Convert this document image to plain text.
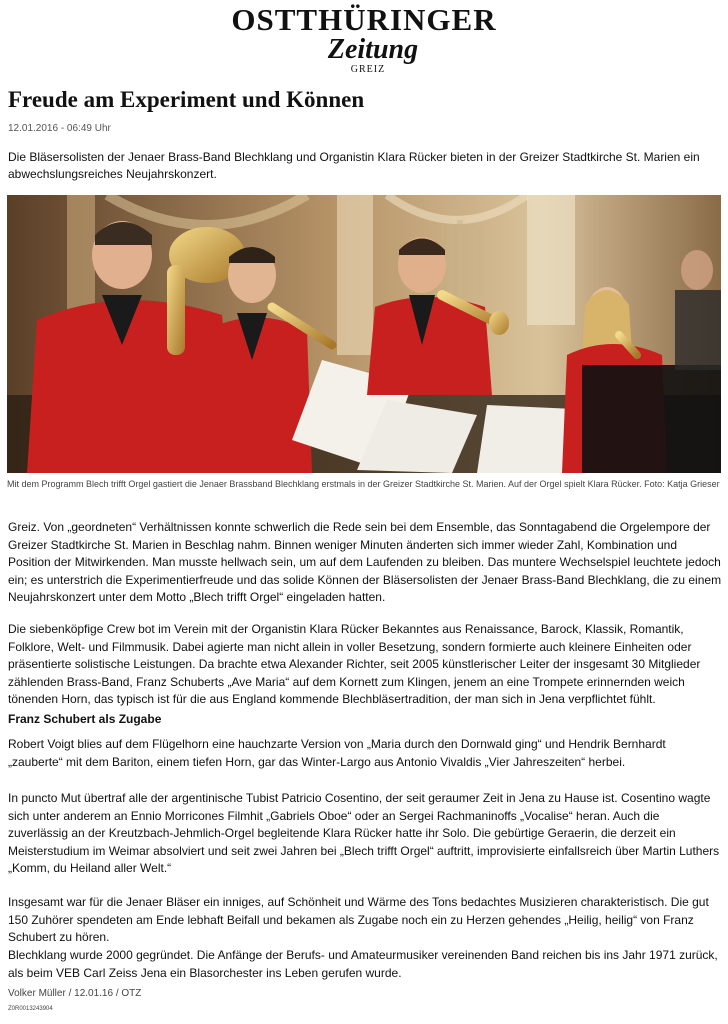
OSTTHÜRINGER
Zeitung
GREIZ
Freude am Experiment und Können
12.01.2016 - 06:49 Uhr

Die Bläsersolisten der Jenaer Brass-Band Blechklang und Organistin Klara Rücker bieten in der Greizer Stadtkirche St. Marien ein abwechslungsreiches Neujahrskonzert.

Mit dem Programm Blech trifft Orgel gastiert die Jenaer Brassband Blechklang erstmals in der Greizer Stadtkirche St. Marien. Auf der Orgel spielt Klara Rücker. Foto: Katja Grieser

Greiz. Von „geordneten“ Verhältnissen konnte schwerlich die Rede sein bei dem Ensemble, das Sonntagabend die Orgelempore der Greizer Stadtkirche St. Marien in Beschlag nahm. Binnen weniger Minuten änderten sich immer wieder Zahl, Kombination und Position der Mitwirkenden. Man musste hellwach sein, um auf dem Laufenden zu bleiben. Das muntere Wechselspiel leuchtete jedoch ein; es unterstrich die Experimentierfreude und das solide Können der Bläsersolisten der Jenaer Brass-Band Blechklang, die zu einem Neujahrskonzert unter dem Motto „Blech trifft Orgel“ eingeladen hatten.

Die siebenköpfige Crew bot im Verein mit der Organistin Klara Rücker Bekanntes aus Renaissance, Barock, Klassik, Romantik, Folklore, Welt- und Filmmusik. Dabei agierte man nicht allein in voller Besetzung, sondern formierte auch kleinere Einheiten oder präsentierte solistische Leistungen. Da brachte etwa Alexander Richter, seit 2005 künstlerischer Leiter der insgesamt 30 Mitglieder zählenden Brass-Band, Franz Schuberts „Ave Maria“ auf dem Kornett zum Klingen, jenem an eine Trompete erinnernden weich tönenden Horn, das typisch ist für die aus England kommende Blechbläsertradition, der man sich in Jena verpflichtet fühlt.

Franz Schubert als Zugabe

Robert Voigt blies auf dem Flügelhorn eine hauchzarte Version von „Maria durch den Dornwald ging“ und Hendrik Bernhardt „zauberte“ mit dem Bariton, einem tiefen Horn, gar das Winter-Largo aus Antonio Vivaldis „Vier Jahreszeiten“ herbei.

In puncto Mut übertraf alle der argentinische Tubist Patricio Cosentino, der seit geraumer Zeit in Jena zu Hause ist. Cosentino wagte sich unter anderem an Ennio Morricones Filmhit „Gabriels Oboe“ oder an Sergei Rachmaninoffs „Vocalise“ heran. Auch die zuverlässig an der Kreutzbach-Jehmlich-Orgel begleitende Klara Rücker hatte ihr Solo. Die gebürtige Geraerin, die derzeit ein Meisterstudium im Weimar absolviert und seit zwei Jahren bei „Blech trifft Orgel“ auftritt, improvisierte einfallsreich über Martin Luthers „Komm, du Heiland aller Welt.“

Insgesamt war für die Jenaer Bläser ein inniges, auf Schönheit und Wärme des Tons bedachtes Musizieren charakteristisch. Die gut 150 Zuhörer spendeten am Ende lebhaft Beifall und bekamen als Zugabe noch ein zu Herzen gehendes „Heilig, heilig“ von Franz Schubert zu hören.

Blechklang wurde 2000 gegründet. Die Anfänge der Berufs- und Amateurmusiker vereinenden Band reichen bis ins Jahr 1971 zurück, als beim VEB Carl Zeiss Jena ein Blasorchester ins Leben gerufen wurde.

Volker Müller / 12.01.16 / OTZ
Z0R0013243904
